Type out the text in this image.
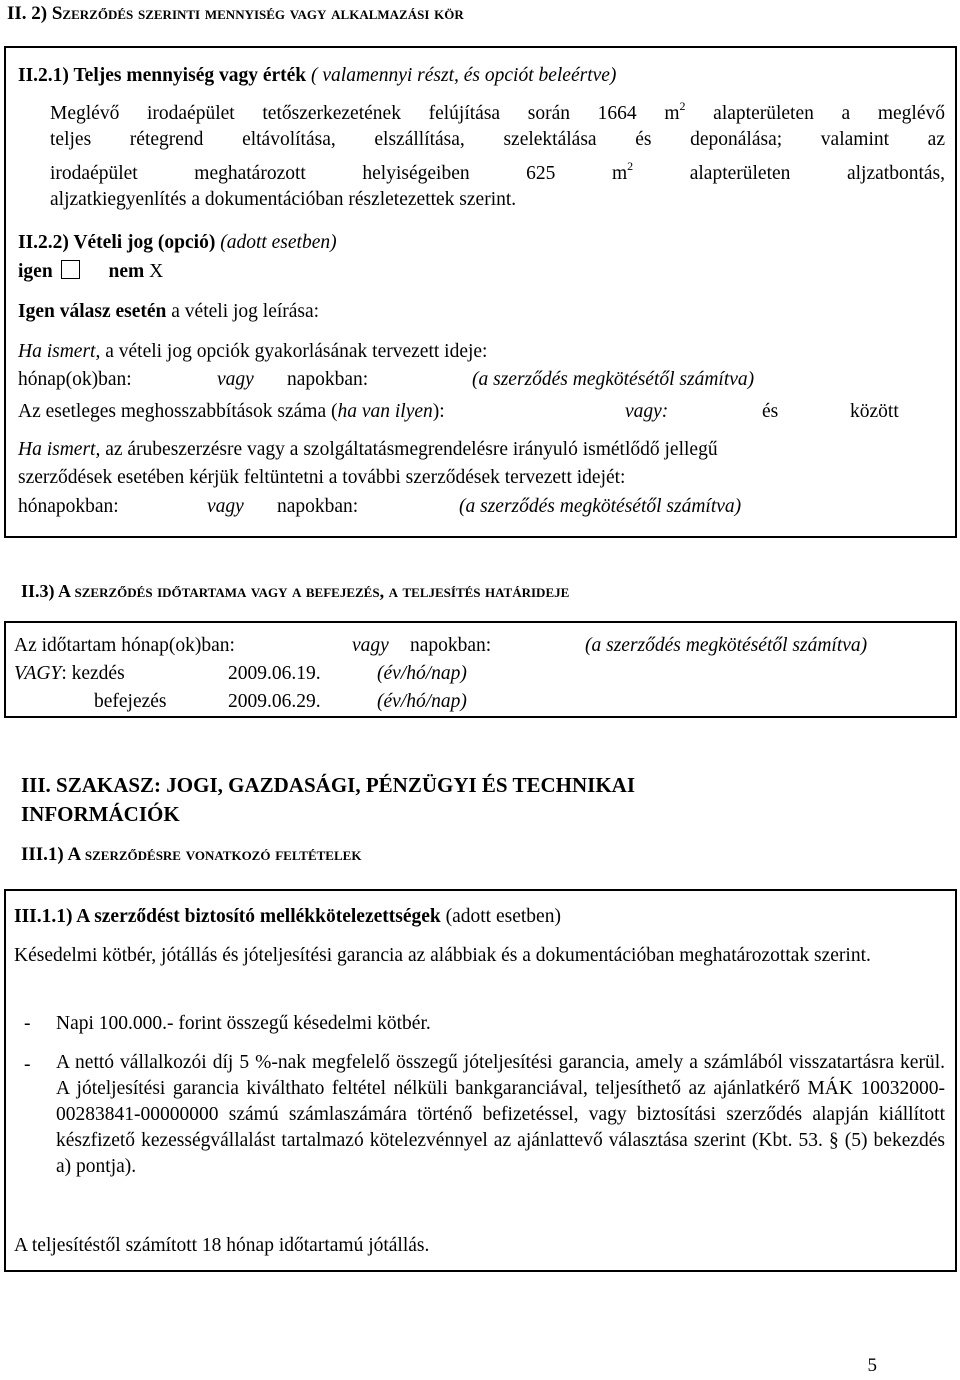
II. 2) Szerződés szerinti mennyiség vagy alkalmazási kör
II.2.1) Teljes mennyiség vagy érték ( valamennyi részt, és opciót beleértve)
Meglévő irodaépület tetőszerkezetének felújítása során 1664 $m^2$ alapterületen a meglévő
teljes rétegrend eltávolítása, elszállítása, szelektálása és deponálása; valamint az
irodaépület meghatározott helyiségeiben 625 $m^2$ alapterületen aljzatbontás,
aljzatkiegyenlítés a dokumentációban részletezettek szerint.
II.2.2) Vételi jog (opció) (adott esetben)
igen	nem X
Igen válasz esetén a vételi jog leírása:
Ha ismert, a vételi jog opciók gyakorlásának tervezett ideje:
hónap(ok)ban:	vagy napokban:	(a szerződés megkötésétől számítva)
Az esetleges meghosszabbítások száma (ha van ilyen):	vagy:	és	között
Ha ismert, az árubeszerzésre vagy a szolgáltatásmegrendelésre irányuló ismétlődő jellegű
szerződések esetében kérjük feltüntetni a további szerződések tervezett idejét:
hónapokban:	vagy napokban:	(a szerződés megkötésétől számítva)
II.3) A szerződés időtartama vagy a befejezés, a teljesítés határideje
Az időtartam hónap(ok)ban:	vagy napokban:	(a szerződés megkötésétől számítva)
VAGY: kezdés	2009.06.19.	(év/hó/nap)
befejezés	2009.06.29.	(év/hó/nap)
III. SZAKASZ: JOGI, GAZDASÁGI, PÉNZÜGYI ÉS TECHNIKAI
INFORMÁCIÓK
III.1) A szerződésre vonatkozó feltételek
III.1.1) A szerződést biztosító mellékkötelezettségek (adott esetben)
Késedelmi kötbér, jótállás és jóteljesítési garancia az alábbiak és a dokumentációban meghatározottak szerint.
- Napi 100.000.- forint összegű késedelmi kötbér.
- A nettó vállalkozói díj 5 %-nak megfelelő összegű jóteljesítési garancia, amely a számlából visszatartásra kerül. A jóteljesítési garancia kiválthato feltétel nélküli bankgaranciával, teljesíthető az ajánlatkérő MÁK 10032000-00283841-00000000 számú számlaszámára történő befizetéssel, vagy biztosítási szerződés alapján kiállított készfizető kezességvállalást tartalmazó kötelezvénnyel az ajánlattevő választása szerint (Kbt. 53. § (5) bekezdés a) pontja).
A teljesítéstől számított 18 hónap időtartamú jótállás.
5
